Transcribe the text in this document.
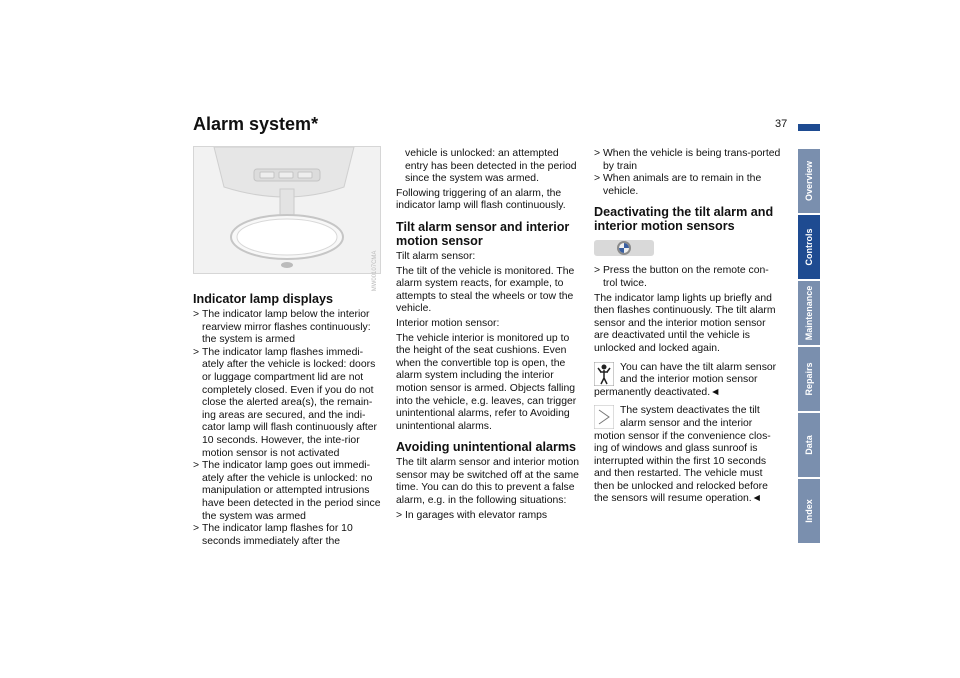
Alarm system*	37
MW00107CMA
Indicator lamp displays
> The indicator lamp below the interior rearview mirror flashes continuously: the system is armed
> The indicator lamp flashes immedi-ately after the vehicle is locked: doors or luggage compartment lid are not completely closed. Even if you do not close the alerted area(s), the remain-ing areas are secured, and the indi-cator lamp will flash continuously after 10 seconds. However, the inte-rior motion sensor is not activated
> The indicator lamp goes out immedi-ately after the vehicle is unlocked: no manipulation or attempted intrusions have been detected in the period since the system was armed
> The indicator lamp flashes for 10 seconds immediately after the

vehicle is unlocked: an attempted entry has been detected in the period since the system was armed.

Following triggering of an alarm, the indicator lamp will flash continuously.

Tilt alarm sensor and interior motion sensor

Tilt alarm sensor:

The tilt of the vehicle is monitored. The alarm system reacts, for example, to attempts to steal the wheels or tow the vehicle.

Interior motion sensor:

The vehicle interior is monitored up to the height of the seat cushions. Even when the convertible top is open, the alarm system including the interior motion sensor is armed. Objects falling into the vehicle, e.g. leaves, can trigger unintentional alarms, refer to Avoiding unintentional alarms.

Avoiding unintentional alarms

The tilt alarm sensor and interior motion sensor may be switched off at the same time. You can do this to prevent a false alarm, e.g. in the following situations:

> In garages with elevator ramps
> When the vehicle is being trans-ported by train
> When animals are to remain in the vehicle.
Deactivating the tilt alarm and interior motion sensors
> Press the button on the remote con-trol twice.

The indicator lamp lights up briefly and then flashes continuously. The tilt alarm sensor and the interior motion sensor are deactivated until the vehicle is unlocked and locked again.

You can have the tilt alarm sensor and the interior motion sensor permanently deactivated.◄
The system deactivates the tilt alarm sensor and the interior motion sensor if the convenience clos-ing of windows and glass sunroof is interrupted within the first 10 seconds and then restarted. The vehicle must then be unlocked and relocked before the sensors will resume operation.◄
Overview
Controls
Maintenance
Repairs
Data
Index
